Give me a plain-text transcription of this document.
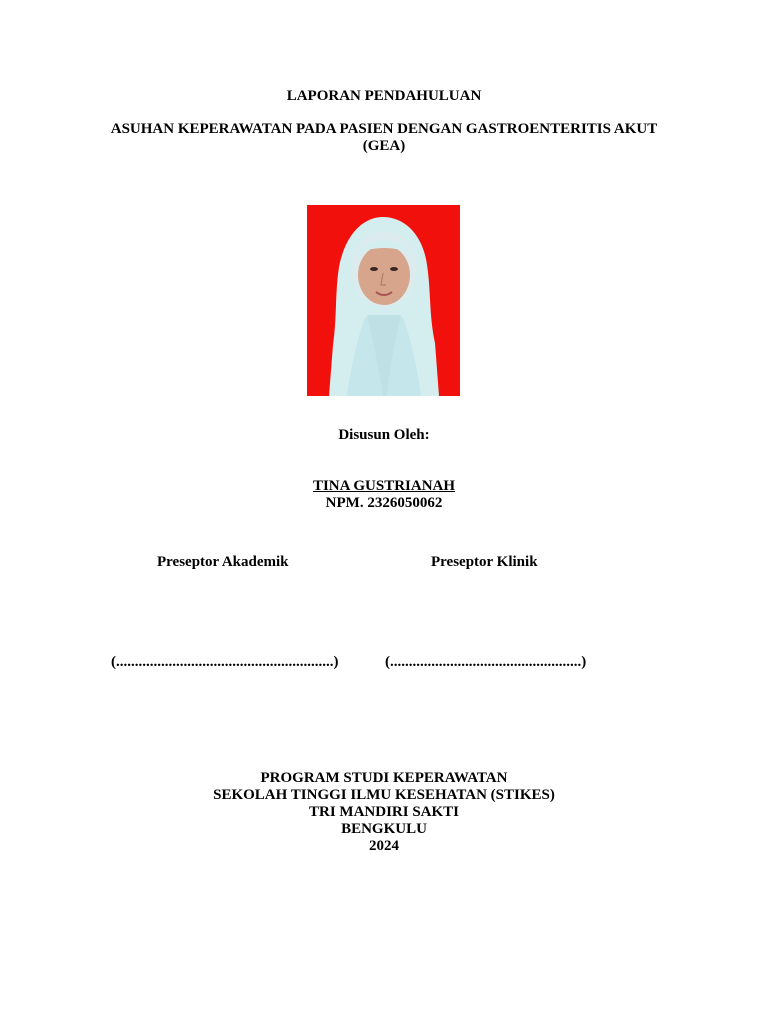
LAPORAN PENDAHULUAN
ASUHAN KEPERAWATAN PADA PASIEN DENGAN GASTROENTERITIS AKUT
(GEA)
Disusun Oleh:
TINA GUSTRIANAH
NPM. 2326050062
Preseptor Akademik	Preseptor Klinik
(..........................................................)	(...................................................)
PROGRAM STUDI KEPERAWATAN
SEKOLAH TINGGI ILMU KESEHATAN (STIKES)
TRI MANDIRI SAKTI
BENGKULU
2024
